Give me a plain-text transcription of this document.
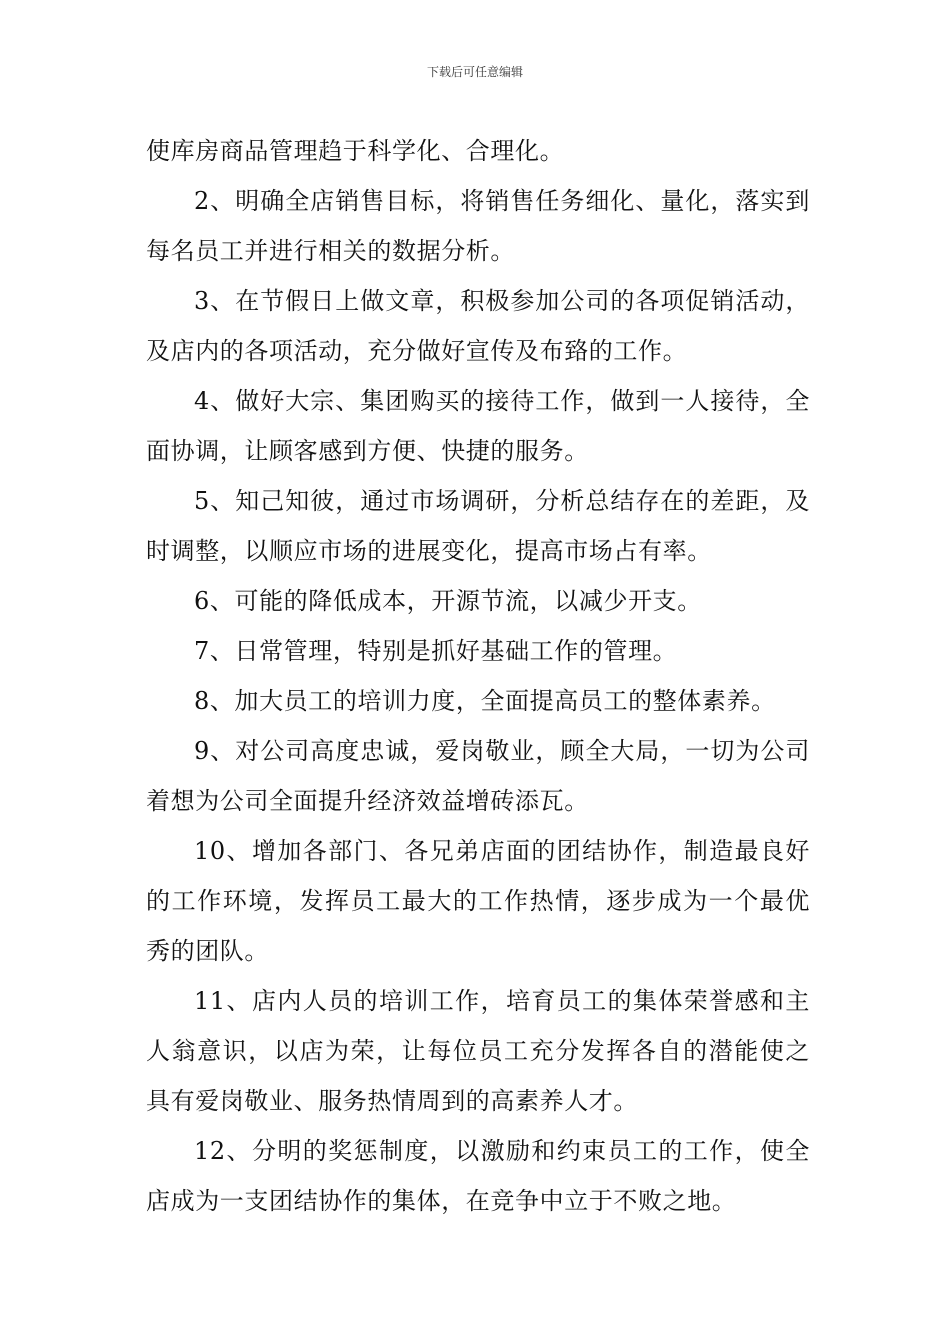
下载后可任意编辑

使库房商品管理趋于科学化、合理化。

2、明确全店销售目标，将销售任务细化、量化，落实到每名员工并进行相关的数据分析。

3、在节假日上做文章，积极参加公司的各项促销活动，及店内的各项活动，充分做好宣传及布臵的工作。

4、做好大宗、集团购买的接待工作，做到一人接待，全面协调，让顾客感到方便、快捷的服务。

5、知己知彼，通过市场调研，分析总结存在的差距，及时调整，以顺应市场的进展变化，提高市场占有率。

6、可能的降低成本，开源节流，以减少开支。

7、日常管理，特别是抓好基础工作的管理。

8、加大员工的培训力度，全面提高员工的整体素养。

9、对公司高度忠诚，爱岗敬业，顾全大局，一切为公司着想为公司全面提升经济效益增砖添瓦。

10、增加各部门、各兄弟店面的团结协作，制造最良好的工作环境，发挥员工最大的工作热情，逐步成为一个最优秀的团队。

11、店内人员的培训工作，培育员工的集体荣誉感和主人翁意识，以店为荣，让每位员工充分发挥各自的潜能使之具有爱岗敬业、服务热情周到的高素养人才。

12、分明的奖惩制度，以激励和约束员工的工作，使全店成为一支团结协作的集体，在竞争中立于不败之地。
